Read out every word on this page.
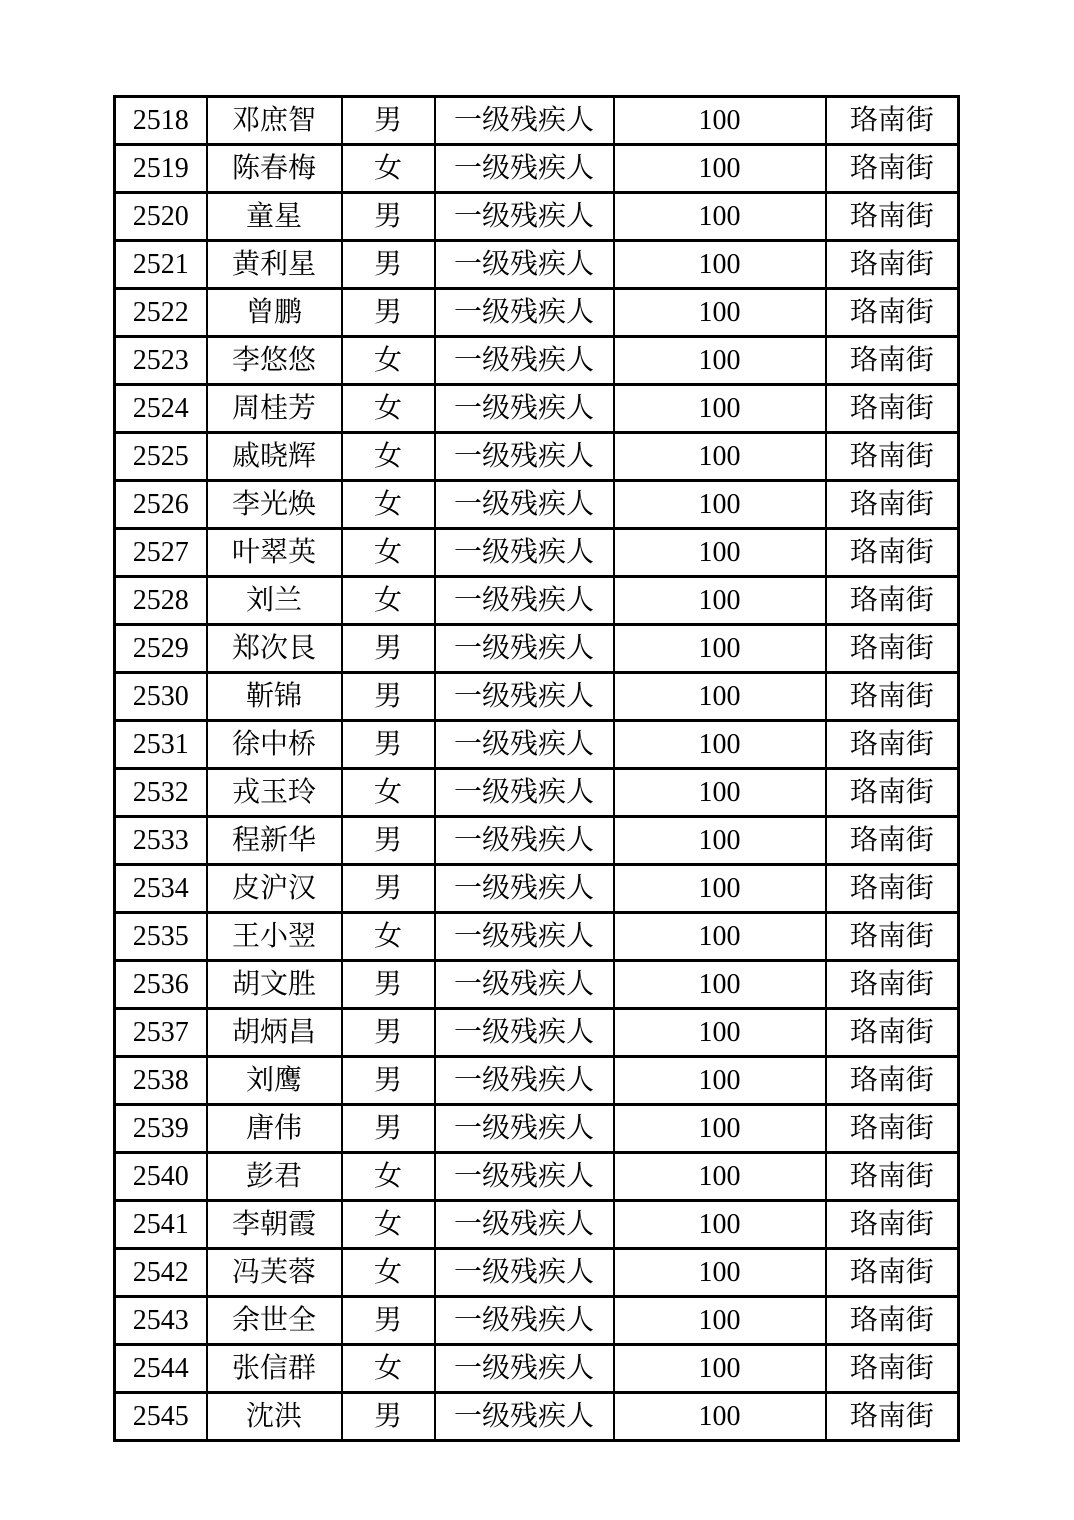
2518	邓庶智	男	一级残疾人	100	珞南街
2519	陈春梅	女	一级残疾人	100	珞南街
2520	童星	男	一级残疾人	100	珞南街
2521	黄利星	男	一级残疾人	100	珞南街
2522	曾鹏	男	一级残疾人	100	珞南街
2523	李悠悠	女	一级残疾人	100	珞南街
2524	周桂芳	女	一级残疾人	100	珞南街
2525	戚晓辉	女	一级残疾人	100	珞南街
2526	李光焕	女	一级残疾人	100	珞南街
2527	叶翠英	女	一级残疾人	100	珞南街
2528	刘兰	女	一级残疾人	100	珞南街
2529	郑次艮	男	一级残疾人	100	珞南街
2530	靳锦	男	一级残疾人	100	珞南街
2531	徐中桥	男	一级残疾人	100	珞南街
2532	戎玉玲	女	一级残疾人	100	珞南街
2533	程新华	男	一级残疾人	100	珞南街
2534	皮沪汉	男	一级残疾人	100	珞南街
2535	王小翌	女	一级残疾人	100	珞南街
2536	胡文胜	男	一级残疾人	100	珞南街
2537	胡炳昌	男	一级残疾人	100	珞南街
2538	刘鹰	男	一级残疾人	100	珞南街
2539	唐伟	男	一级残疾人	100	珞南街
2540	彭君	女	一级残疾人	100	珞南街
2541	李朝霞	女	一级残疾人	100	珞南街
2542	冯芙蓉	女	一级残疾人	100	珞南街
2543	余世全	男	一级残疾人	100	珞南街
2544	张信群	女	一级残疾人	100	珞南街
2545	沈洪	男	一级残疾人	100	珞南街
